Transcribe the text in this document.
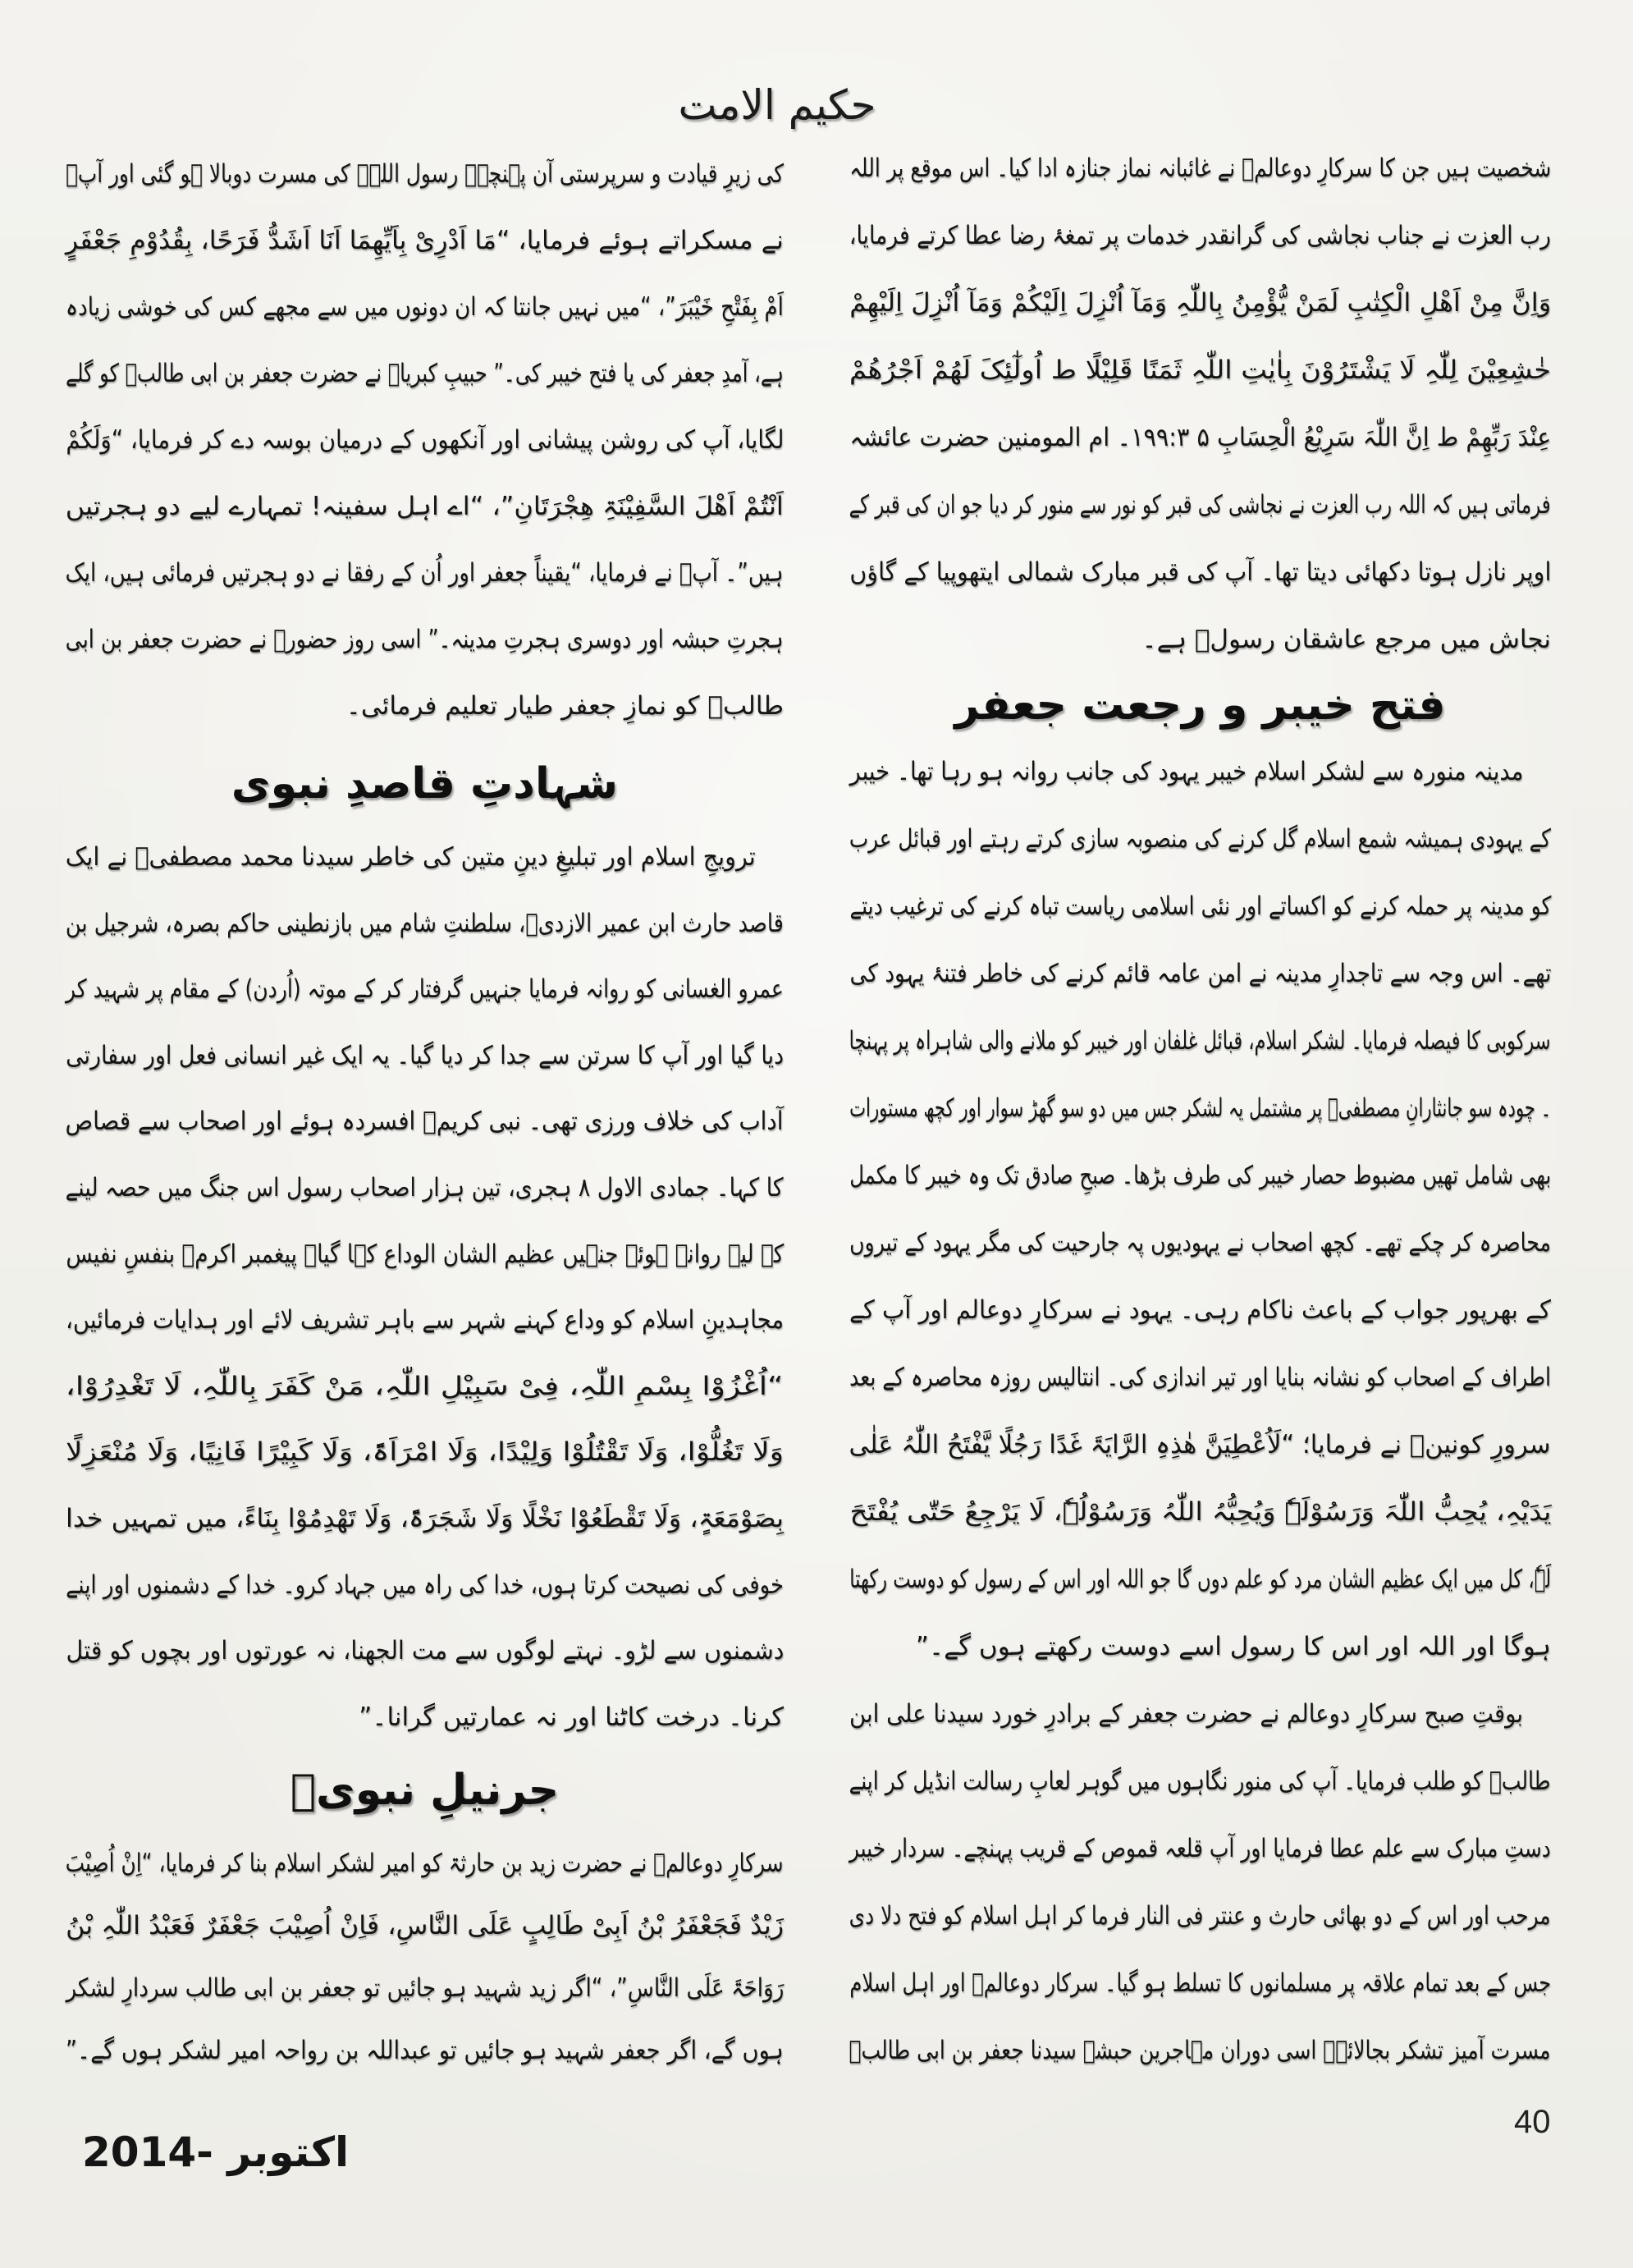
حکیم الامت
شخصیت ہیں جن کا سرکارِ دوعالمؐ نے غائبانہ نماز جنازہ ادا کیا۔ اس موقع پر اللہ
رب العزت نے جناب نجاشی کی گرانقدر خدمات پر تمغۂ رضا عطا کرتے فرمایا،
وَاِنَّ مِنْ اَھْلِ الْکِتٰبِ لَمَنْ یُّؤْمِنُ بِاللّٰہِ وَمَآ اُنْزِلَ اِلَیْکُمْ وَمَآ اُنْزِلَ اِلَیْھِمْ
خٰشِعِیْنَ لِلّٰہِ لَا یَشْتَرُوْنَ بِاٰیٰتِ اللّٰہِ ثَمَنًا قَلِیْلًا ط اُولٰٓئِکَ لَھُمْ اَجْرُھُمْ
عِنْدَ رَبِّھِمْ ط اِنَّ اللّٰہَ سَرِیْعُ الْحِسَابِ ۵ ۱۹۹:۳۔ ام المومنین حضرت عائشہ
فرماتی ہیں کہ اللہ رب العزت نے نجاشی کی قبر کو نور سے منور کر دیا جو ان کی قبر کے
اوپر نازل ہوتا دکھائی دیتا تھا۔ آپ کی قبر مبارک شمالی ایتھوپیا کے گاؤں
نجاش میں مرجع عاشقان رسولؐ ہے۔
فتح خیبر و رجعت جعفر
مدینہ منورہ سے لشکر اسلام خیبر یہود کی جانب روانہ ہو رہا تھا۔ خیبر
کے یہودی ہمیشہ شمع اسلام گل کرنے کی منصوبہ سازی کرتے رہتے اور قبائل عرب
کو مدینہ پر حملہ کرنے کو اکساتے اور نئی اسلامی ریاست تباہ کرنے کی ترغیب دیتے
تھے۔ اس وجہ سے تاجدارِ مدینہ نے امن عامہ قائم کرنے کی خاطر فتنۂ یہود کی
سرکوبی کا فیصلہ فرمایا۔ لشکر اسلام، قبائل غلفان اور خیبر کو ملانے والی شاہراہ پر پہنچا
۔ چودہ سو جانثارانِ مصطفیؐ پر مشتمل یہ لشکر جس میں دو سو گھڑ سوار اور کچھ مستورات
بھی شامل تھیں مضبوط حصار خیبر کی طرف بڑھا۔ صبحِ صادق تک وہ خیبر کا مکمل
محاصرہ کر چکے تھے۔ کچھ اصحاب نے یہودیوں پہ جارحیت کی مگر یہود کے تیروں
کے بھرپور جواب کے باعث ناکام رہی۔ یہود نے سرکارِ دوعالم اور آپ کے
اطراف کے اصحاب کو نشانہ بنایا اور تیر اندازی کی۔ انتالیس روزہ محاصرہ کے بعد
سرورِ کونینؐ نے فرمایا؛ “لَاُعْطِیَنَّ ھٰذِہِ الرَّایَۃَ غَدًا رَجُلًا یَّفْتَحُ اللّٰہُ عَلٰی
یَدَیْہِ، یُحِبُّ اللّٰہَ وَرَسُوْلَہٗ وَیُحِبُّہُ اللّٰہُ وَرَسُوْلُہٗ، لَا یَرْجِعُ حَتّٰی یُفْتَحَ
لَہٗ، کل میں ایک عظیم الشان مرد کو علم دوں گا جو اللہ اور اس کے رسول کو دوست رکھتا
ہوگا اور اللہ اور اس کا رسول اسے دوست رکھتے ہوں گے۔”
بوقتِ صبح سرکارِ دوعالم نے حضرت جعفر کے برادرِ خورد سیدنا علی ابن
طالبؑ کو طلب فرمایا۔ آپ کی منور نگاہوں میں گوہر لعابِ رسالت انڈیل کر اپنے
دستِ مبارک سے علم عطا فرمایا اور آپ قلعہ قموص کے قریب پہنچے۔ سردار خیبر
مرحب اور اس کے دو بھائی حارث و عنتر فی النار فرما کر اہل اسلام کو فتح دلا دی
جس کے بعد تمام علاقہ پر مسلمانوں کا تسلط ہو گیا۔ سرکار دوعالمؐ اور اہل اسلام
مسرت آمیز تشکر بجالائے۔ اسی دوران مہاجرین حبشہ سیدنا جعفر بن ابی طالبؓ
کی زیرِ قیادت و سرپرستی آن پہنچے۔ رسول اللہؐ کی مسرت دوبالا ہو گئی اور آپؐ
نے مسکراتے ہوئے فرمایا، “مَا اَدْرِیْ بِاَیِّھِمَا اَنَا اَشَدُّ فَرَحًا، بِقُدُوْمِ جَعْفَرٍ
اَمْ بِفَتْحِ خَیْبَرَ”، “میں نہیں جانتا کہ ان دونوں میں سے مجھے کس کی خوشی زیادہ
ہے، آمدِ جعفر کی یا فتح خیبر کی۔” حبیبِ کبریاؐ نے حضرت جعفر بن ابی طالبؓ کو گلے
لگایا، آپ کی روشن پیشانی اور آنکھوں کے درمیان بوسہ دے کر فرمایا، “وَلَکُمْ
اَنْتُمْ اَھْلَ السَّفِیْنَۃِ ھِجْرَتَانِ”، “اے اہل سفینہ! تمہارے لیے دو ہجرتیں
ہیں”۔ آپؐ نے فرمایا، “یقیناً جعفر اور اُن کے رفقا نے دو ہجرتیں فرمائی ہیں، ایک
ہجرتِ حبشہ اور دوسری ہجرتِ مدینہ۔” اسی روز حضورؐ نے حضرت جعفر بن ابی
طالبؑ کو نمازِ جعفر طیار تعلیم فرمائی۔
شہادتِ قاصدِ نبوی
ترویجِ اسلام اور تبلیغِ دینِ متین کی خاطر سیدنا محمد مصطفیؐ نے ایک
قاصد حارث ابن عمیر الازدیؓ، سلطنتِ شام میں بازنطینی حاکم بصرہ، شرجیل بن
عمرو الغسانی کو روانہ فرمایا جنہیں گرفتار کر کے موتہ (اُردن) کے مقام پر شہید کر
دیا گیا اور آپ کا سرتن سے جدا کر دیا گیا۔ یہ ایک غیر انسانی فعل اور سفارتی
آداب کی خلاف ورزی تھی۔ نبی کریمؐ افسردہ ہوئے اور اصحاب سے قصاص
کا کہا۔ جمادی الاول ۸ ہجری، تین ہزار اصحاب رسول اس جنگ میں حصہ لینے
کے لیے روانہ ہوئے جنہیں عظیم الشان الوداع کہا گیا۔ پیغمبر اکرمؐ بنفسِ نفیس
مجاہدینِ اسلام کو وداع کہنے شہر سے باہر تشریف لائے اور ہدایات فرمائیں،
“اُغْزُوْا بِسْمِ اللّٰہِ، فِیْ سَبِیْلِ اللّٰہِ، مَنْ کَفَرَ بِاللّٰہِ، لَا تَغْدِرُوْا،
وَلَا تَغُلُّوْا، وَلَا تَقْتُلُوْا وَلِیْدًا، وَلَا امْرَاَۃً، وَلَا کَبِیْرًا فَانِیًا، وَلَا مُنْعَزِلًا
بِصَوْمَعَۃٍ، وَلَا تَقْطَعُوْا نَخْلًا وَلَا شَجَرَۃً، وَلَا تَھْدِمُوْا بِنَاءً، میں تمہیں خدا
خوفی کی نصیحت کرتا ہوں، خدا کی راہ میں جہاد کرو۔ خدا کے دشمنوں اور اپنے
دشمنوں سے لڑو۔ نہتے لوگوں سے مت الجھنا، نہ عورتوں اور بچوں کو قتل
کرنا۔ درخت کاٹنا اور نہ عمارتیں گرانا۔”
جرنیلِ نبویؐ
سرکارِ دوعالمؐ نے حضرت زید بن حارثۃ کو امیر لشکر اسلام بنا کر فرمایا، “اِنْ اُصِیْبَ
زَیْدٌ فَجَعْفَرُ بْنُ اَبِیْ طَالِبٍ عَلَی النَّاسِ، فَاِنْ اُصِیْبَ جَعْفَرٌ فَعَبْدُ اللّٰہِ بْنُ
رَوَاحَۃَ عَلَی النَّاسِ”، “اگر زید شہید ہو جائیں تو جعفر بن ابی طالب سردارِ لشکر
ہوں گے، اگر جعفر شہید ہو جائیں تو عبداللہ بن رواحہ امیر لشکر ہوں گے۔”
40
اکتوبر -2014
